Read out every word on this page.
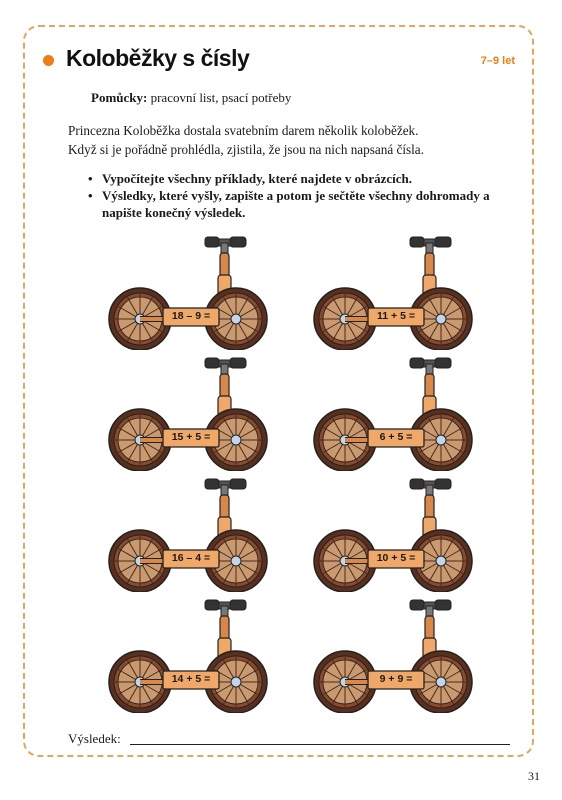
Koloběžky s čísly	7–9 let
Pomůcky: pracovní list, psací potřeby
Princezna Koloběžka dostala svatebním darem několik koloběžek.
Když si je pořádně prohlédla, zjistila, že jsou na nich napsaná čísla.
• Vypočítejte všechny příklady, které najdete v obrázcích.
• Výsledky, které vyšly, zapište a potom je sečtěte všechny dohromady a napište konečný výsledek.
18 – 9 =	11 + 5 =
15 + 5 =	6 + 5 =
16 – 4 =	10 + 5 =
14 + 5 =	9 + 9 =
Výsledek:
31
